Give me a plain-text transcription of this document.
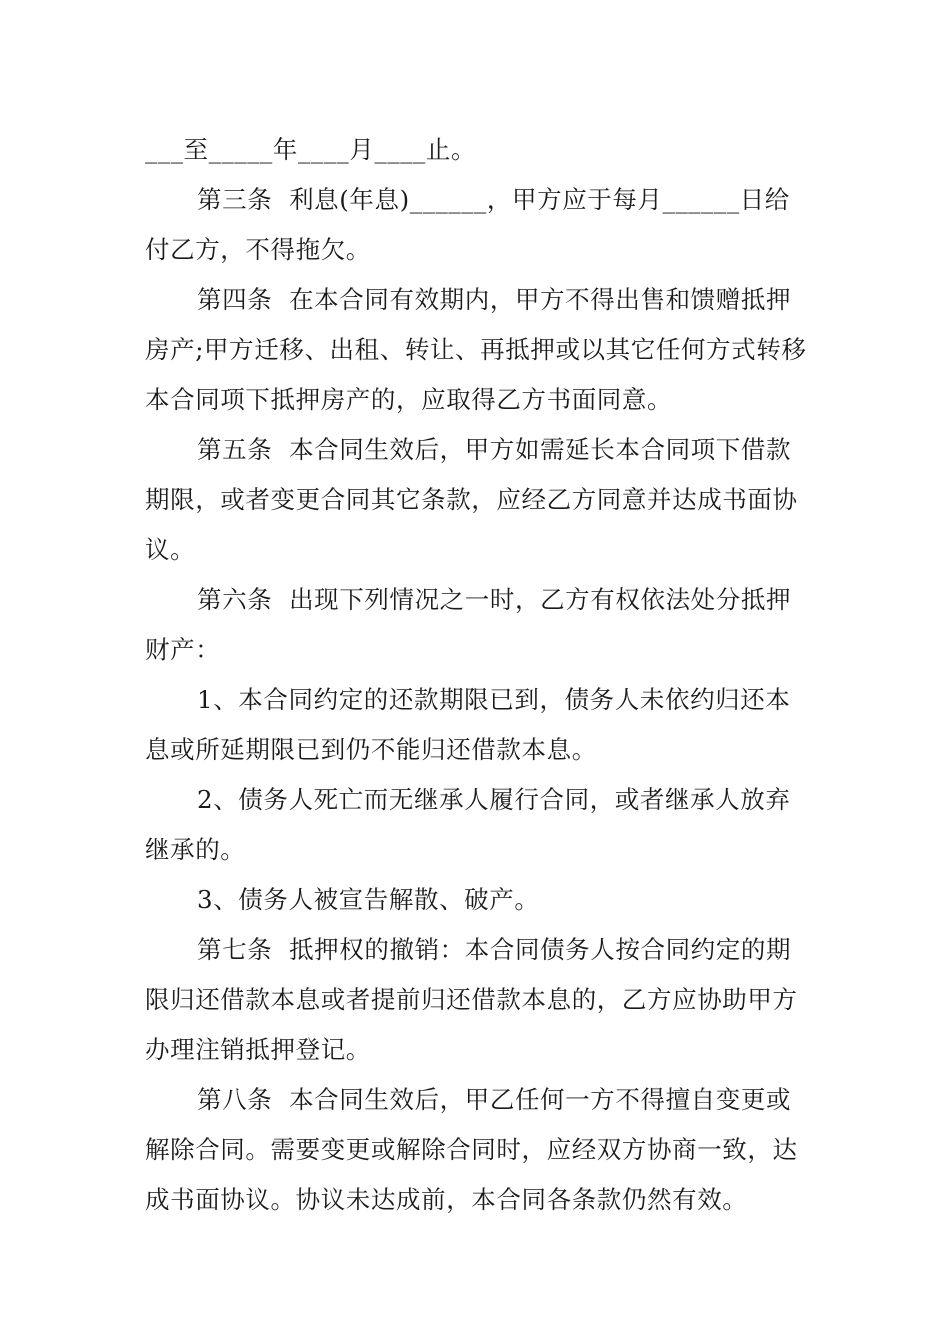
___至_____年____月____止。

第三条  利息(年息)______，甲方应于每月______日给付乙方，不得拖欠。

第四条  在本合同有效期内，甲方不得出售和馈赠抵押房产;甲方迁移、出租、转让、再抵押或以其它任何方式转移本合同项下抵押房产的，应取得乙方书面同意。

第五条  本合同生效后，甲方如需延长本合同项下借款期限，或者变更合同其它条款，应经乙方同意并达成书面协议。

第六条  出现下列情况之一时，乙方有权依法处分抵押财产：

1、本合同约定的还款期限已到，债务人未依约归还本息或所延期限已到仍不能归还借款本息。

2、债务人死亡而无继承人履行合同，或者继承人放弃继承的。

3、债务人被宣告解散、破产。

第七条  抵押权的撤销：本合同债务人按合同约定的期限归还借款本息或者提前归还借款本息的，乙方应协助甲方办理注销抵押登记。

第八条  本合同生效后，甲乙任何一方不得擅自变更或解除合同。需要变更或解除合同时，应经双方协商一致，达成书面协议。协议未达成前，本合同各条款仍然有效。
